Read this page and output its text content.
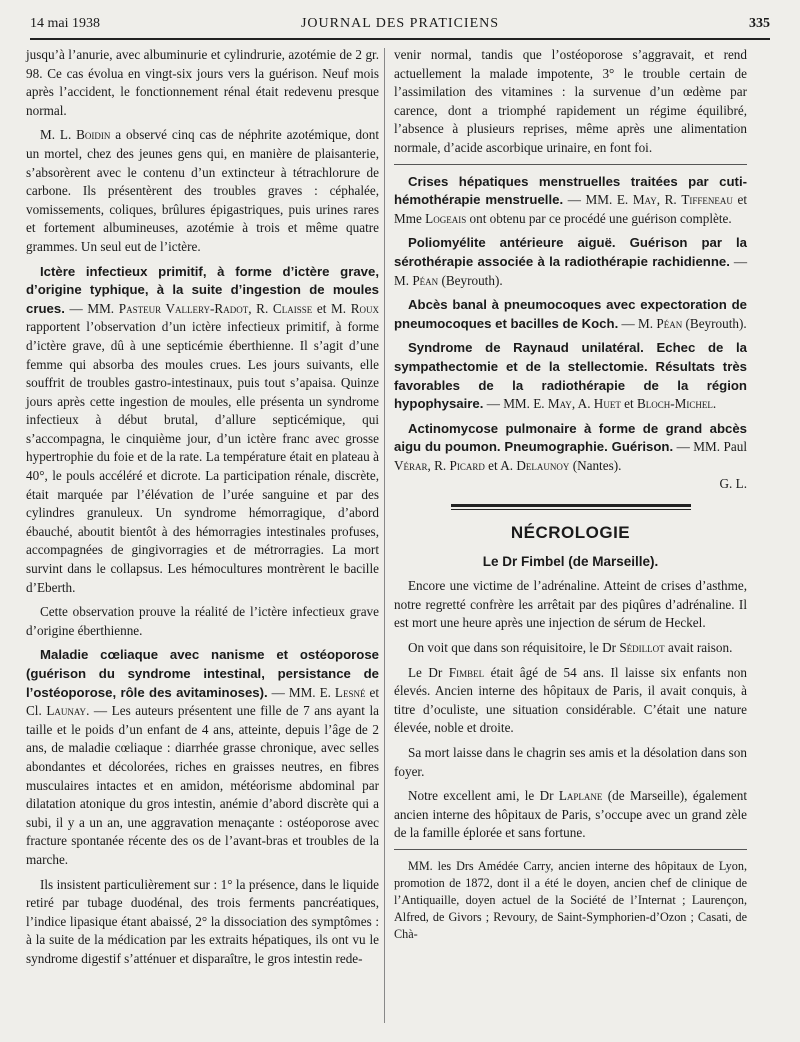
14 mai 1938	JOURNAL DES PRATICIENS	335

jusqu’à l’anurie, avec albuminurie et cylindrurie, azotémie de 2 gr. 98. Ce cas évolua en vingt-six jours vers la guérison. Neuf mois après l’accident, le fonctionnement rénal était redevenu presque normal.

M. L. Boidin a observé cinq cas de néphrite azotémique, dont un mortel, chez des jeunes gens qui, en manière de plaisanterie, s’absorèrent avec le contenu d’un extincteur à tétrachlorure de carbone. Ils présentèrent des troubles graves : céphalée, vomissements, coliques, brûlures épigastriques, puis urines rares et fortement albumineuses, azotémie à trois et même quatre grammes. Un seul eut de l’ictère.

Ictère infectieux primitif, à forme d’ictère grave, d’origine typhique, à la suite d’ingestion de moules crues. — MM. Pasteur Vallery-Radot, R. Claisse et M. Roux rapportent l’observation d’un ictère infectieux primitif, à forme d’ictère grave, dû à une septicémie éberthienne. Il s’agit d’une femme qui absorba des moules crues. Les jours suivants, elle souffrit de troubles gastro-intestinaux, puis tout s’apaisa. Quinze jours après cette ingestion de moules, elle présenta un syndrome infectieux à début brutal, d’allure septicémique, qui s’accompagna, le cinquième jour, d’un ictère franc avec grosse hypertrophie du foie et de la rate. La température était en plateau à 40°, le pouls accéléré et dicrote. La participation rénale, discrète, était marquée par l’élévation de l’urée sanguine et par des cylindres granuleux. Un syndrome hémorragique, d’abord ébauché, aboutit bientôt à des hémorragies intestinales profuses, accompagnées de gingivorragies et de métrorragies. La mort survint dans le collapsus. Les hémocultures montrèrent le bacille d’Eberth.

Cette observation prouve la réalité de l’ictère infectieux grave d’origine éberthienne.

Maladie cœliaque avec nanisme et ostéoporose (guérison du syndrome intestinal, persistance de l’ostéoporose, rôle des avitaminoses). — MM. E. Lesné et Cl. Launay. — Les auteurs présentent une fille de 7 ans ayant la taille et le poids d’un enfant de 4 ans, atteinte, depuis l’âge de 2 ans, de maladie cœliaque : diarrhée grasse chronique, avec selles abondantes et décolorées, riches en graisses neutres, en fibres musculaires intactes et en amidon, météorisme abdominal par dilatation atonique du gros intestin, anémie d’abord discrète qui a subi, il y a un an, une aggravation menaçante : ostéoporose avec fracture spontanée récente des os de l’avant-bras et troubles de la marche.

Ils insistent particulièrement sur : 1° la présence, dans le liquide retiré par tubage duodénal, des trois ferments pancréatiques, l’indice lipasique étant abaissé, 2° la dissociation des symptômes : à la suite de la médication par les extraits hépatiques, ils ont vu le syndrome digestif s’atténuer et disparaître, le gros intestin rede-

venir normal, tandis que l’ostéoporose s’aggravait, et rend actuellement la malade impotente, 3° le trouble certain de l’assimilation des vitamines : la survenue d’un œdème par carence, dont a triomphé rapidement un régime équilibré, l’absence à plusieurs reprises, même après une alimentation normale, d’acide ascorbique urinaire, en font foi.

Crises hépatiques menstruelles traitées par cuti-hémothérapie menstruelle. — MM. E. May, R. Tiffeneau et Mme Logeais ont obtenu par ce procédé une guérison complète.

Poliomyélite antérieure aiguë. Guérison par la sérothérapie associée à la radiothérapie rachidienne. — M. Péan (Beyrouth).

Abcès banal à pneumocoques avec expectoration de pneumocoques et bacilles de Koch. — M. Péan (Beyrouth).

Syndrome de Raynaud unilatéral. Echec de la sympathectomie et de la stellectomie. Résultats très favorables de la radiothérapie de la région hypophysaire. — MM. E. May, A. Huet et Bloch-Michel.

Actinomycose pulmonaire à forme de grand abcès aigu du poumon. Pneumographie. Guérison. — MM. Paul Vérar, R. Picard et A. Delaunoy (Nantes).

G. L.
NÉCROLOGIE
Le Dr Fimbel (de Marseille).

Encore une victime de l’adrénaline. Atteint de crises d’asthme, notre regretté confrère les arrêtait par des piqûres d’adrénaline. Il est mort une heure après une injection de sérum de Heckel.

On voit que dans son réquisitoire, le Dr Sédillot avait raison.

Le Dr Fimbel était âgé de 54 ans. Il laisse six enfants non élevés. Ancien interne des hôpitaux de Paris, il avait conquis, à titre d’oculiste, une situation considérable. C’était une nature élevée, noble et droite.

Sa mort laisse dans le chagrin ses amis et la désolation dans son foyer.

Notre excellent ami, le Dr Laplane (de Marseille), également ancien interne des hôpitaux de Paris, s’occupe avec un grand zèle de la famille éplorée et sans fortune.

MM. les Drs Amédée Carry, ancien interne des hôpitaux de Lyon, promotion de 1872, dont il a été le doyen, ancien chef de clinique de l’Antiquaille, doyen actuel de la Société de l’Internat ; Laurençon, Alfred, de Givors ; Revoury, de Saint-Symphorien-d’Ozon ; Casati, de Chà-
